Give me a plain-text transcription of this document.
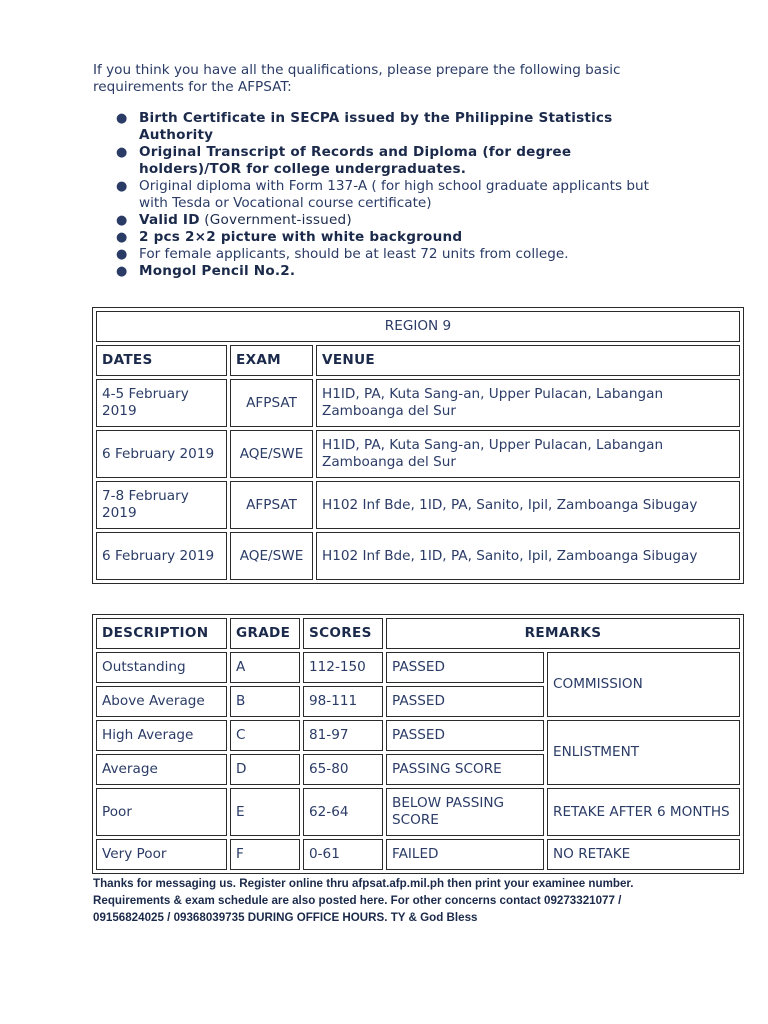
If you think you have all the qualifications, please prepare the following basic requirements for the AFPSAT:
● Birth Certificate in SECPA issued by the Philippine Statistics Authority
● Original Transcript of Records and Diploma (for degree holders)/TOR for college undergraduates.
● Original diploma with Form 137-A ( for high school graduate applicants but with Tesda or Vocational course certificate)
● Valid ID (Government-issued)
● 2 pcs 2×2 picture with white background
● For female applicants, should be at least 72 units from college.
● Mongol Pencil No.2.
REGION 9		
DATES	EXAM	VENUE
4-5 February 2019	AFPSAT	H1ID, PA, Kuta Sang-an, Upper Pulacan, Labangan Zamboanga del Sur
6 February 2019	AQE/SWE	H1ID, PA, Kuta Sang-an, Upper Pulacan, Labangan Zamboanga del Sur
7-8 February 2019	AFPSAT	H102 Inf Bde, 1ID, PA, Sanito, Ipil, Zamboanga Sibugay
6 February 2019	AQE/SWE	H102 Inf Bde, 1ID, PA, Sanito, Ipil, Zamboanga Sibugay
DESCRIPTION	GRADE	SCORES	REMARKS	
Outstanding	A	112-150	PASSED	COMMISSION
Above Average	B	98-111	PASSED	
High Average	C	81-97	PASSED	ENLISTMENT
Average	D	65-80	PASSING SCORE	
Poor	E	62-64	BELOW PASSING SCORE	RETAKE AFTER 6 MONTHS
Very Poor	F	0-61	FAILED	NO RETAKE
Thanks for messaging us. Register online thru afpsat.afp.mil.ph then print your examinee number. Requirements & exam schedule are also posted here. For other concerns contact 09273321077 / 09156824025 / 09368039735 DURING OFFICE HOURS. TY & God Bless
